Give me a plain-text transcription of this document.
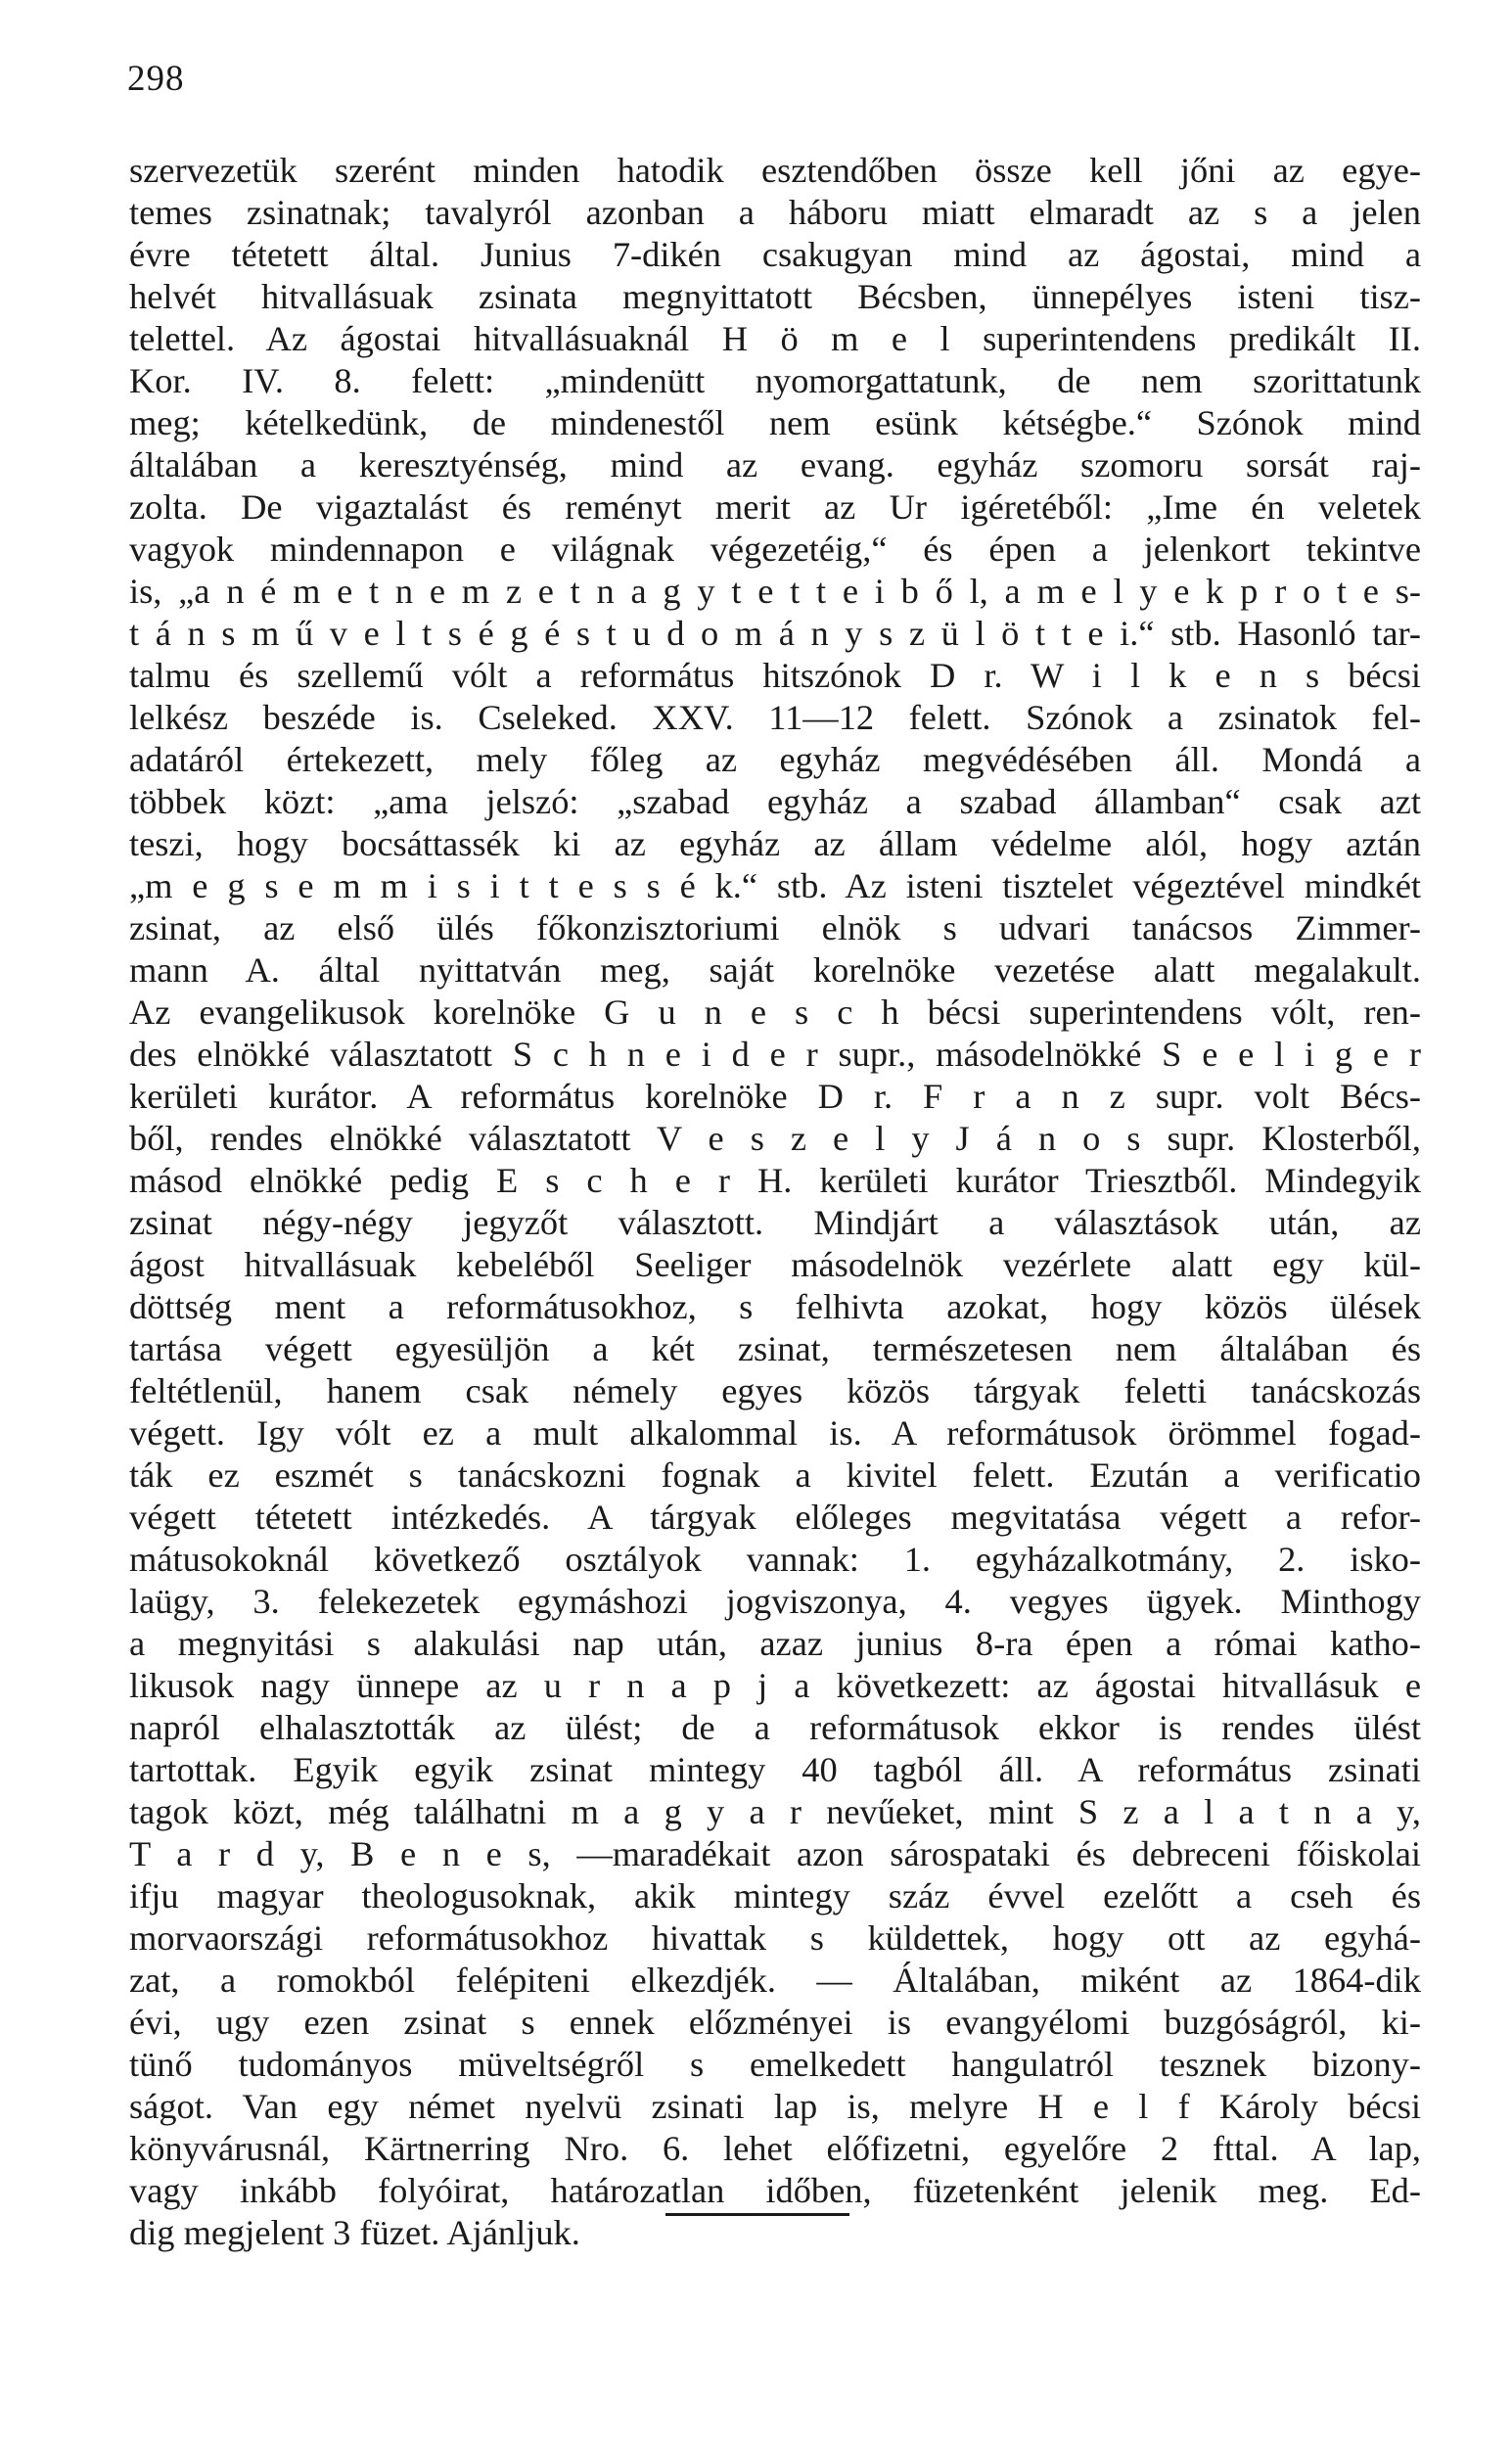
298
szervezetük szerént minden hatodik esztendőben össze kell jőni az egye-
temes zsinatnak; tavalyról azonban a háboru miatt elmaradt az s a jelen
évre tétetett által. Junius 7-dikén csakugyan mind az ágostai, mind a
helvét hitvallásuak zsinata megnyittatott Bécsben, ünnepélyes isteni tisz-
telettel. Az ágostai hitvallásuaknál H ö m e l superintendens predikált II.
Kor. IV. 8. felett: „mindenütt nyomorgattatunk, de nem szorittatunk
meg; kételkedünk, de mindenestől nem esünk kétségbe.“ Szónok mind
általában a keresztyénség, mind az evang. egyház szomoru sorsát raj-
zolta. De vigaztalást és reményt merit az Ur igéretéből: „Ime én veletek
vagyok mindennapon e világnak végezetéig,“ és épen a jelenkort tekintve
is, „a n é m e t n e m z e t n a g y t e t t e i b ő l, a m e l y e k p r o t e s-
t á n s m ű v e l t s é g é s t u d o m á n y s z ü l ö t t e i.“ stb. Hasonló tar-
talmu és szellemű vólt a református hitszónok D r. W i l k e n s bécsi
lelkész beszéde is. Cseleked. XXV. 11—12 felett. Szónok a zsinatok fel-
adatáról értekezett, mely főleg az egyház megvédésében áll. Mondá a
többek közt: „ama jelszó: „szabad egyház a szabad államban“ csak azt
teszi, hogy bocsáttassék ki az egyház az állam védelme alól, hogy aztán
„m e g s e m m i s i t t e s s é k.“ stb. Az isteni tisztelet végeztével mindkét
zsinat, az első ülés főkonzisztoriumi elnök s udvari tanácsos Zimmer-
mann A. által nyittatván meg, saját korelnöke vezetése alatt megalakult.
Az evangelikusok korelnöke G u n e s c h bécsi superintendens vólt, ren-
des elnökké választatott S c h n e i d e r supr., másodelnökké S e e l i g e r
kerületi kurátor. A református korelnöke D r. F r a n z supr. volt Bécs-
ből, rendes elnökké választatott V e s z e l y J á n o s supr. Klosterből,
másod elnökké pedig E s c h e r H. kerületi kurátor Triesztből. Mindegyik
zsinat négy-négy jegyzőt választott. Mindjárt a választások után, az
ágost hitvallásuak kebeléből Seeliger másodelnök vezérlete alatt egy kül-
döttség ment a reformátusokhoz, s felhivta azokat, hogy közös ülések
tartása végett egyesüljön a két zsinat, természetesen nem általában és
feltétlenül, hanem csak némely egyes közös tárgyak feletti tanácskozás
végett. Igy vólt ez a mult alkalommal is. A reformátusok örömmel fogad-
ták ez eszmét s tanácskozni fognak a kivitel felett. Ezután a verificatio
végett tétetett intézkedés. A tárgyak előleges megvitatása végett a refor-
mátusokoknál következő osztályok vannak: 1. egyházalkotmány, 2. isko-
laügy, 3. felekezetek egymáshozi jogviszonya, 4. vegyes ügyek. Minthogy
a megnyitási s alakulási nap után, azaz junius 8-ra épen a római katho-
likusok nagy ünnepe az u r n a p j a következett: az ágostai hitvallásuk e
napról elhalasztották az ülést; de a reformátusok ekkor is rendes ülést
tartottak. Egyik egyik zsinat mintegy 40 tagból áll. A református zsinati
tagok közt, még találhatni m a g y a r nevűeket, mint S z a l a t n a y,
T a r d y, B e n e s, —maradékait azon sárospataki és debreceni főiskolai
ifju magyar theologusoknak, akik mintegy száz évvel ezelőtt a cseh és
morvaországi reformátusokhoz hivattak s küldettek, hogy ott az egyhá-
zat, a romokból felépiteni elkezdjék. — Általában, miként az 1864-dik
évi, ugy ezen zsinat s ennek előzményei is evangyélomi buzgóságról, ki-
tünő tudományos müveltségről s emelkedett hangulatról tesznek bizony-
ságot. Van egy német nyelvü zsinati lap is, melyre H e l f Károly bécsi
könyvárusnál, Kärtnerring Nro. 6. lehet előfizetni, egyelőre 2 fttal. A lap,
vagy inkább folyóirat, határozatlan időben, füzetenként jelenik meg. Ed-
dig megjelent 3 füzet. Ajánljuk.
